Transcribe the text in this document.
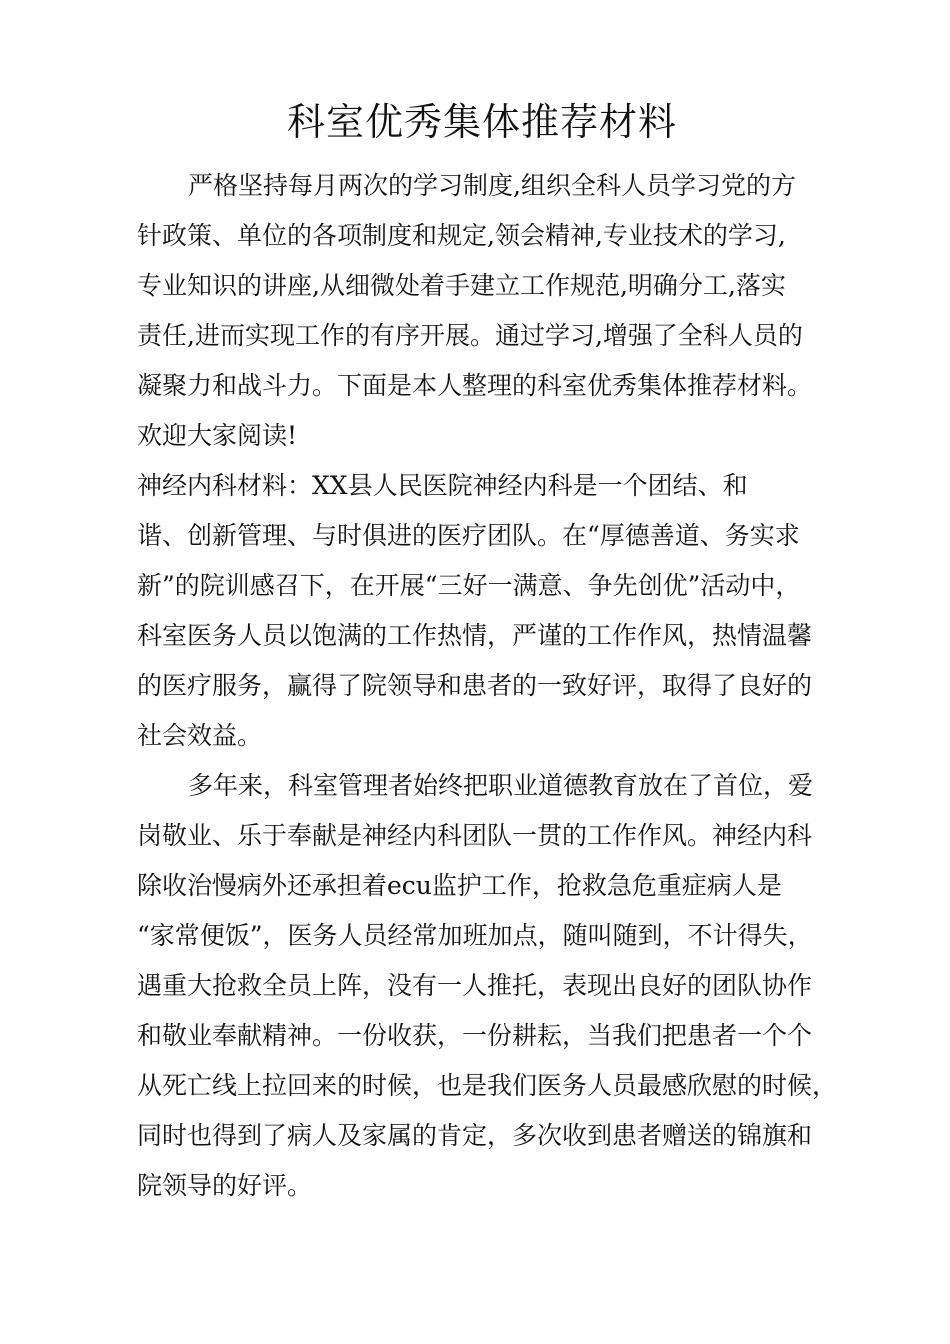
科室优秀集体推荐材料
严格坚持每月两次的学习制度,组织全科人员学习党的方
针政策、单位的各项制度和规定,领会精神,专业技术的学习,
专业知识的讲座,从细微处着手建立工作规范,明确分工,落实
责任,进而实现工作的有序开展。通过学习,增强了全科人员的
凝聚力和战斗力。下面是本人整理的科室优秀集体推荐材料。
欢迎大家阅读!
神经内科材料：XX县人民医院神经内科是一个团结、和
谐、创新管理、与时俱进的医疗团队。在“厚德善道、务实求
新”的院训感召下，在开展“三好一满意、争先创优”活动中，
科室医务人员以饱满的工作热情，严谨的工作作风，热情温馨
的医疗服务，赢得了院领导和患者的一致好评，取得了良好的
社会效益。
多年来，科室管理者始终把职业道德教育放在了首位，爱
岗敬业、乐于奉献是神经内科团队一贯的工作作风。神经内科
除收治慢病外还承担着ecu监护工作，抢救急危重症病人是
“家常便饭”，医务人员经常加班加点，随叫随到，不计得失，
遇重大抢救全员上阵，没有一人推托，表现出良好的团队协作
和敬业奉献精神。一份收获，一份耕耘，当我们把患者一个个
从死亡线上拉回来的时候，也是我们医务人员最感欣慰的时候，
同时也得到了病人及家属的肯定，多次收到患者赠送的锦旗和
院领导的好评。
